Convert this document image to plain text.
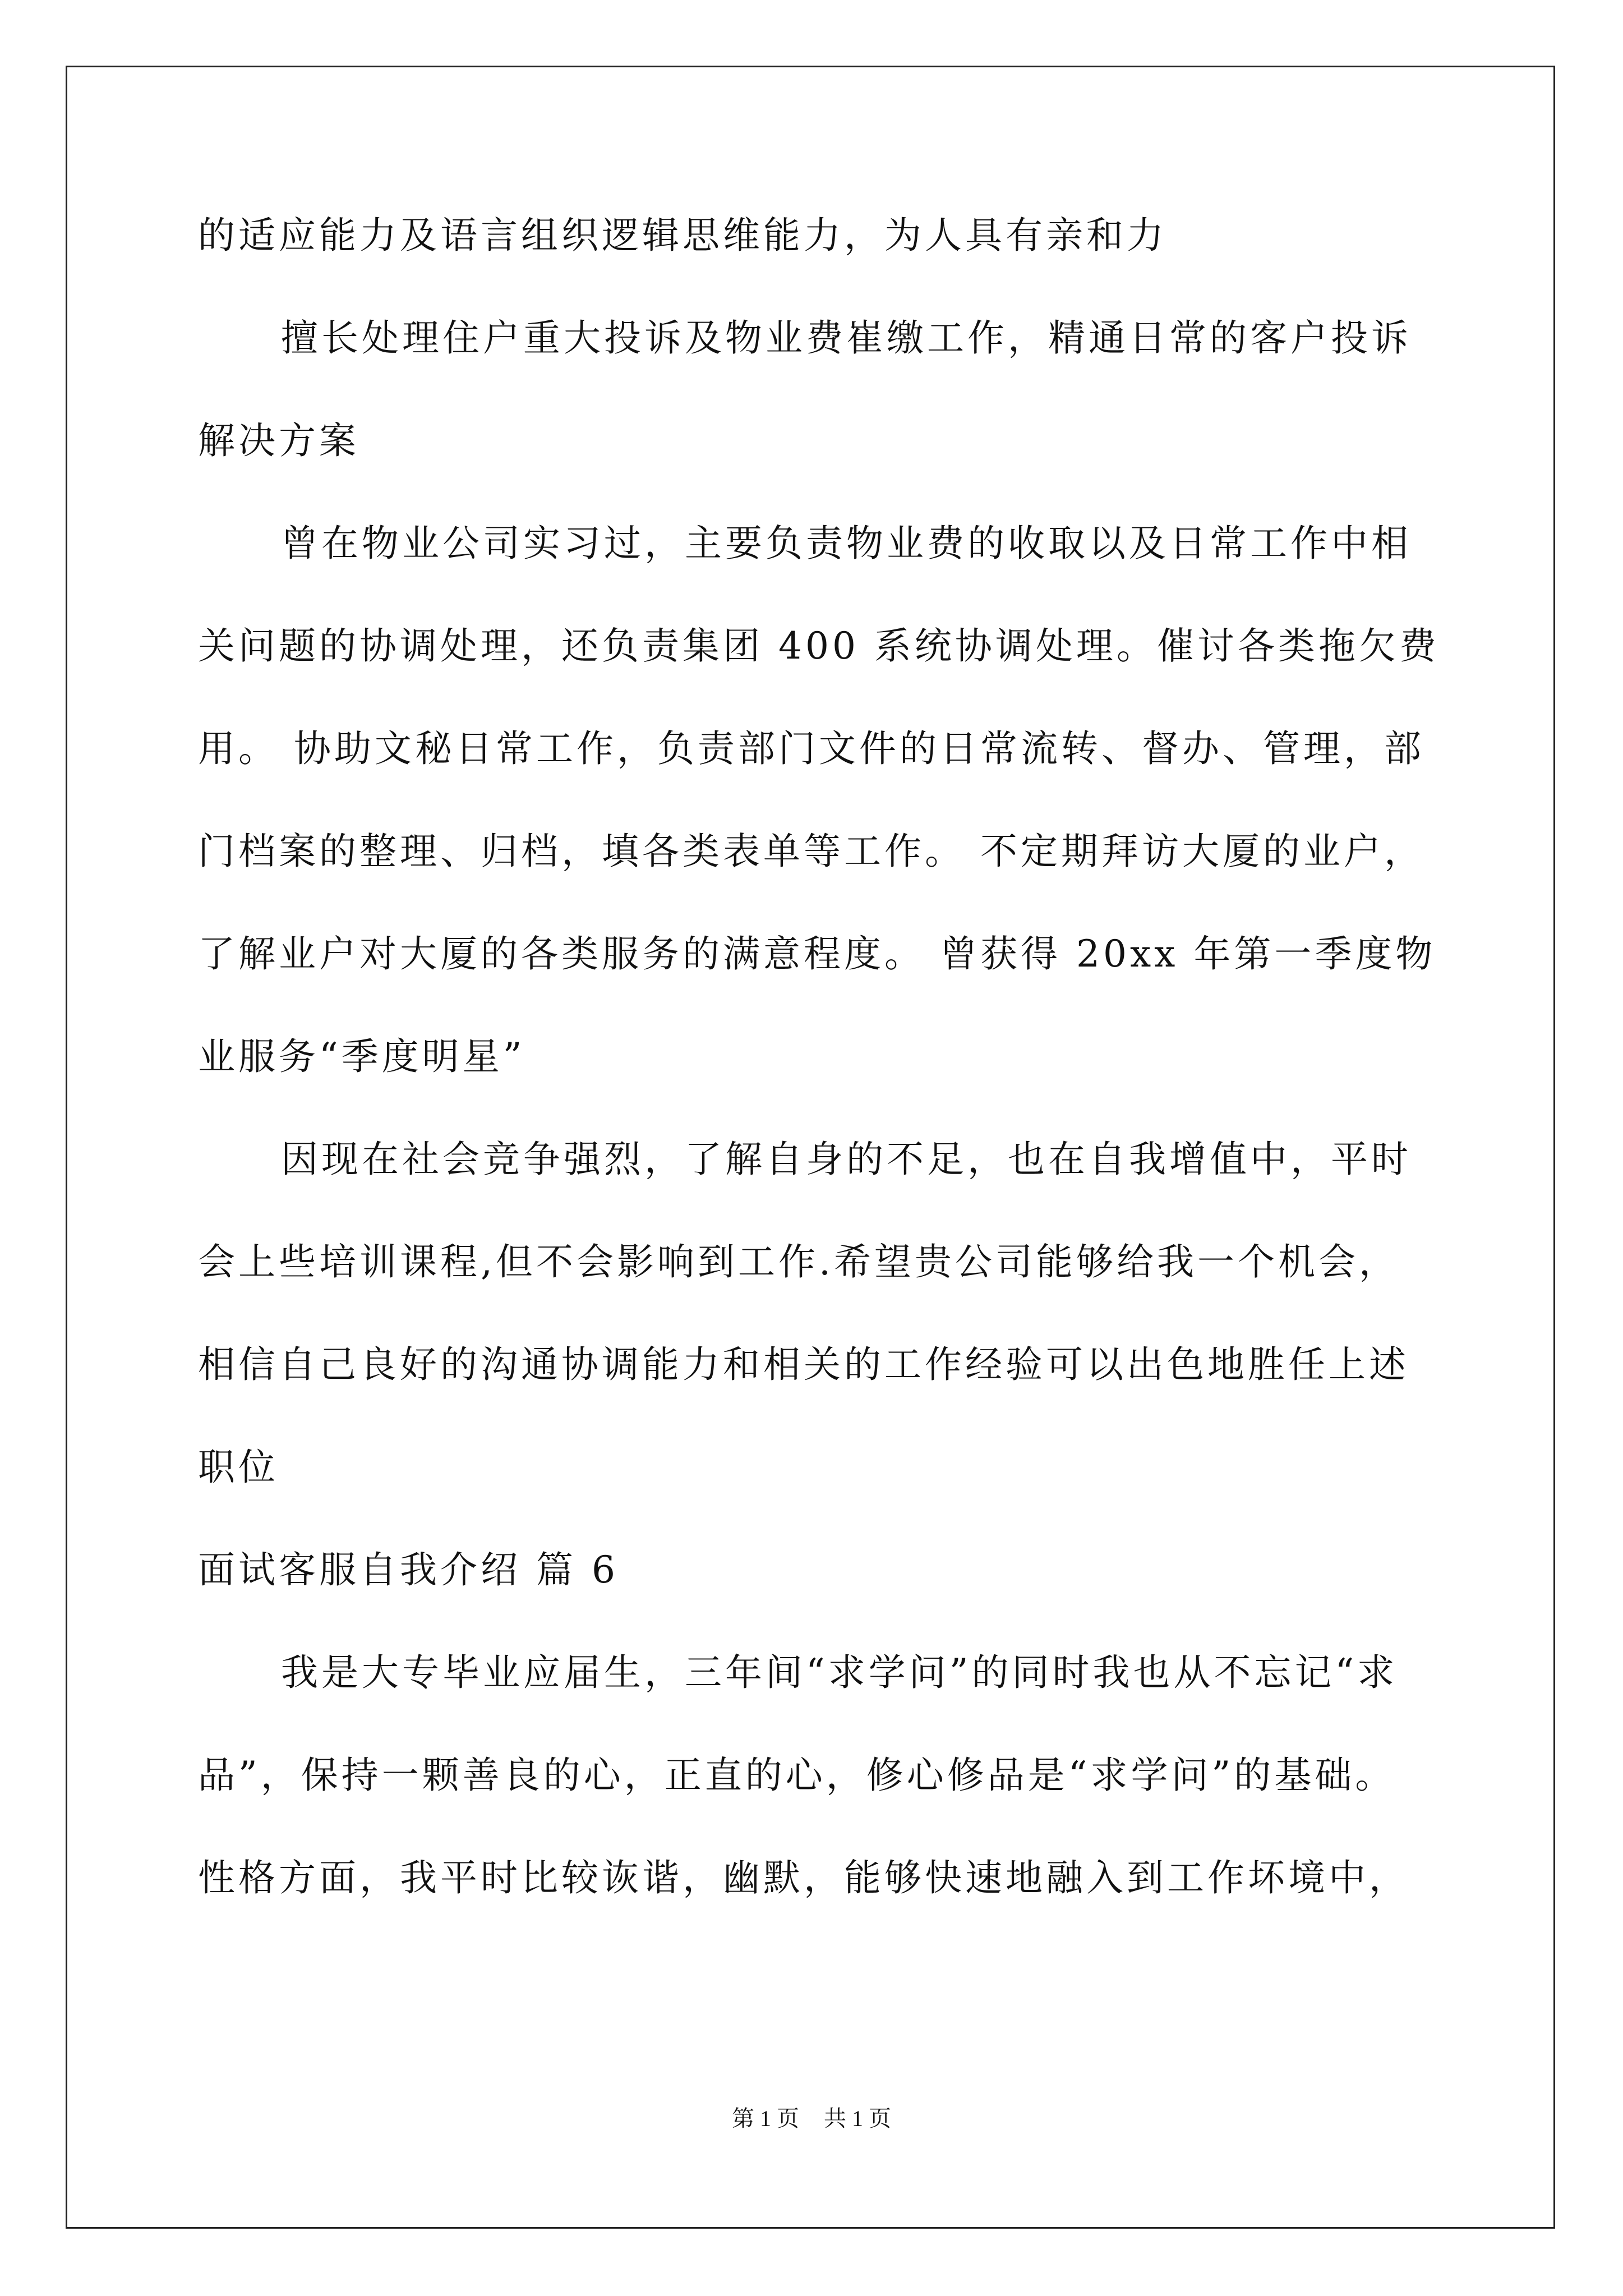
的适应能力及语言组织逻辑思维能力，为人具有亲和力
擅长处理住户重大投诉及物业费崔缴工作，精通日常的客户投诉
解决方案
曾在物业公司实习过，主要负责物业费的收取以及日常工作中相
关问题的协调处理，还负责集团 400 系统协调处理。催讨各类拖欠费
用。 协助文秘日常工作，负责部门文件的日常流转、督办、管理，部
门档案的整理、归档，填各类表单等工作。 不定期拜访大厦的业户，
了解业户对大厦的各类服务的满意程度。 曾获得 20xx 年第一季度物
业服务“季度明星”
因现在社会竞争强烈，了解自身的不足，也在自我增值中，平时
会上些培训课程,但不会影响到工作.希望贵公司能够给我一个机会，
相信自己良好的沟通协调能力和相关的工作经验可以出色地胜任上述
职位
面试客服自我介绍 篇 6
我是大专毕业应届生，三年间“求学问”的同时我也从不忘记“求
品”，保持一颗善良的心，正直的心，修心修品是“求学问”的基础。
性格方面，我平时比较诙谐，幽默，能够快速地融入到工作坏境中，
第 1 页 共 1 页
